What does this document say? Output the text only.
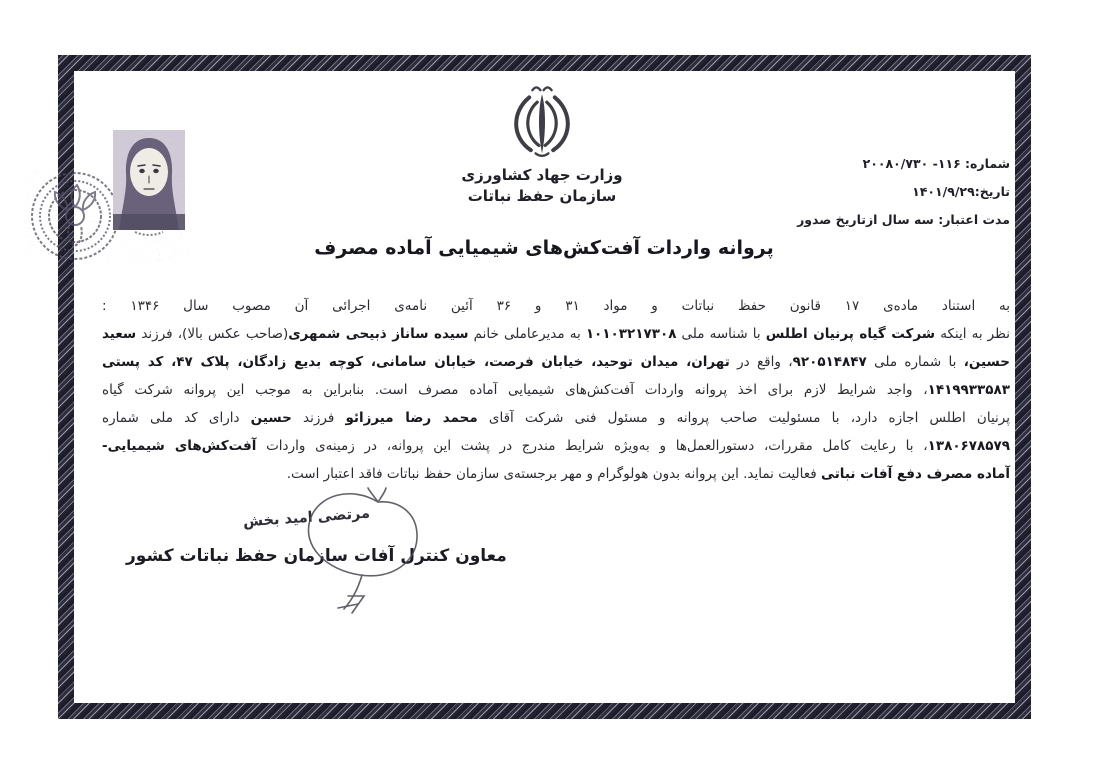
شماره: ۱۱۶- ۲۰۰۸۰/۷۳۰
تاریخ:۱۴۰۱/۹/۲۹
مدت اعتبار: سه سال ازتاریخ صدور
وزارت جهاد کشاورزی
سازمان حفظ نباتات
پروانه واردات آفت‌کش‌های شیمیایی آماده مصرف
به استناد ماده‌ی ۱۷ قانون حفظ نباتات و مواد ۳۱ و ۳۶ آئین نامه‌ی اجرائی آن مصوب سال ۱۳۴۶ :
نظر به اینکه شرکت گیاه پرنیان اطلس با شناسه ملی ۱۰۱۰۳۲۱۷۳۰۸ به مدیرعاملی خانم سیده ساناز ذبیحی شمهری(صاحب عکس بالا)، فرزند سعید
حسین، با شماره ملی ۹۲۰۵۱۴۸۴۷، واقع در تهران، میدان توحید، خیابان فرصت، خیابان سامانی، کوچه بدیع زادگان، پلاک ۴۷، کد پستی
۱۴۱۹۹۳۳۵۸۳، واجد شرایط لازم برای اخذ پروانه واردات آفت‌کش‌های شیمیایی آماده مصرف است. بنابراین به موجب این پروانه شرکت گیاه
پرنیان اطلس اجازه دارد، با مسئولیت صاحب پروانه و مسئول فنی شرکت آقای محمد رضا میرزائو فرزند حسین دارای کد ملی شماره
۱۳۸۰۶۷۸۵۷۹، با رعایت کامل مقررات، دستورالعمل‌ها و به‌ویژه شرایط مندرج در پشت این پروانه، در زمینه‌ی واردات آفت‌کش‌های شیمیایی-
آماده مصرف دفع آفات نباتی فعالیت نماید. این پروانه بدون هولوگرام و مهر برجسته‌ی سازمان حفظ نباتات فاقد اعتبار است.
مرتضی امید بخش
معاون کنترل آفات سازمان حفظ نباتات کشور
